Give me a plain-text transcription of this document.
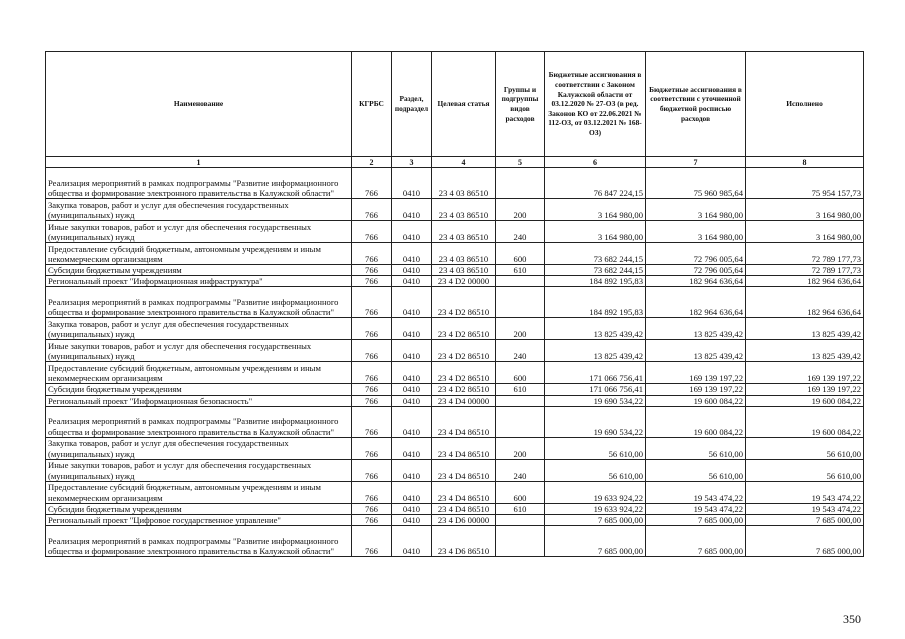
Наименование	КГРБС	Раздел, подраздел	Целевая статья	Группы и подгруппы видов расходов	Бюджетные ассигнования в соответствии с Законом Калужской области от 03.12.2020 № 27-ОЗ (в ред. Законов КО от 22.06.2021 № 112-ОЗ, от 03.12.2021 № 168-ОЗ)	Бюджетные ассигнования в соответствии с уточненной бюджетной росписью расходов	Исполнено
1	2	3	4	5	6	7	8
Реализация мероприятий в рамках подпрограммы "Развитие информационного общества и формирование электронного правительства в Калужской области"	766	0410	23 4 03 86510		76 847 224,15	75 960 985,64	75 954 157,73
Закупка товаров, работ и услуг для обеспечения государственных (муниципальных) нужд	766	0410	23 4 03 86510	200	3 164 980,00	3 164 980,00	3 164 980,00
Иные закупки товаров, работ и услуг для обеспечения государственных (муниципальных) нужд	766	0410	23 4 03 86510	240	3 164 980,00	3 164 980,00	3 164 980,00
Предоставление субсидий бюджетным, автономным учреждениям и иным некоммерческим организациям	766	0410	23 4 03 86510	600	73 682 244,15	72 796 005,64	72 789 177,73
Субсидии бюджетным учреждениям	766	0410	23 4 03 86510	610	73 682 244,15	72 796 005,64	72 789 177,73
Региональный проект "Информационная инфраструктура"	766	0410	23 4 D2 00000		184 892 195,83	182 964 636,64	182 964 636,64
Реализация мероприятий в рамках подпрограммы "Развитие информационного общества и формирование электронного правительства в Калужской области"	766	0410	23 4 D2 86510		184 892 195,83	182 964 636,64	182 964 636,64
Закупка товаров, работ и услуг для обеспечения государственных (муниципальных) нужд	766	0410	23 4 D2 86510	200	13 825 439,42	13 825 439,42	13 825 439,42
Иные закупки товаров, работ и услуг для обеспечения государственных (муниципальных) нужд	766	0410	23 4 D2 86510	240	13 825 439,42	13 825 439,42	13 825 439,42
Предоставление субсидий бюджетным, автономным учреждениям и иным некоммерческим организациям	766	0410	23 4 D2 86510	600	171 066 756,41	169 139 197,22	169 139 197,22
Субсидии бюджетным учреждениям	766	0410	23 4 D2 86510	610	171 066 756,41	169 139 197,22	169 139 197,22
Региональный проект "Информационная безопасность"	766	0410	23 4 D4 00000		19 690 534,22	19 600 084,22	19 600 084,22
Реализация мероприятий в рамках подпрограммы "Развитие информационного общества и формирование электронного правительства в Калужской области"	766	0410	23 4 D4 86510		19 690 534,22	19 600 084,22	19 600 084,22
Закупка товаров, работ и услуг для обеспечения государственных (муниципальных) нужд	766	0410	23 4 D4 86510	200	56 610,00	56 610,00	56 610,00
Иные закупки товаров, работ и услуг для обеспечения государственных (муниципальных) нужд	766	0410	23 4 D4 86510	240	56 610,00	56 610,00	56 610,00
Предоставление субсидий бюджетным, автономным учреждениям и иным некоммерческим организациям	766	0410	23 4 D4 86510	600	19 633 924,22	19 543 474,22	19 543 474,22
Субсидии бюджетным учреждениям	766	0410	23 4 D4 86510	610	19 633 924,22	19 543 474,22	19 543 474,22
Региональный проект "Цифровое государственное управление"	766	0410	23 4 D6 00000		7 685 000,00	7 685 000,00	7 685 000,00
Реализация мероприятий в рамках подпрограммы "Развитие информационного общества и формирование электронного правительства в Калужской области"	766	0410	23 4 D6 86510		7 685 000,00	7 685 000,00	7 685 000,00
350
